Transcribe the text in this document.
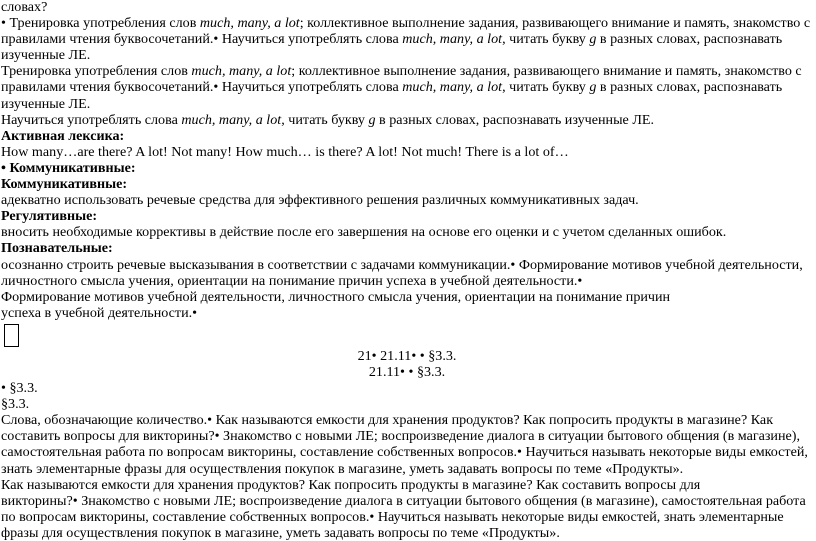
словах?

• Тренировка употребления слов much, many, a lot; коллективное выполнение задания, развивающего внимание и память, знакомство с правилами чтения буквосочетаний.• Научиться употреблять слова much, many, a lot, читать букву g в разных словах, распознавать изученные ЛЕ.

Тренировка употребления слов much, many, a lot; коллективное выполнение задания, развивающего внимание и память, знакомство с правилами чтения буквосочетаний.• Научиться употреблять слова much, many, a lot, читать букву g в разных словах, распознавать изученные ЛЕ.

Научиться употреблять слова much, many, a lot, читать букву g в разных словах, распознавать изученные ЛЕ.

Активная лексика:

How many…are there? A lot! Not many! How much… is there? A lot! Not much! There is a lot of…

• Коммуникативные:

Коммуникативные:

адекватно использовать речевые средства для эффективного решения различных коммуникативных задач.

Регулятивные:

вносить необходимые коррективы в действие после его завершения на основе его оценки и с учетом сделанных ошибок.

Познавательные:

осознанно строить речевые высказывания в соответствии с задачами коммуникации.• Формирование мотивов учебной деятельности, личностного смысла учения, ориентации на понимание причин успеха в учебной деятельности.•

Формирование мотивов учебной деятельности, личностного смысла учения, ориентации на понимание причин успеха в учебной деятельности.•

21• 21.11• • §3.3.

21.11• • §3.3.

• §3.3.

§3.3.

Слова, обозначающие количество.• Как называются емкости для хранения продуктов? Как попросить продукты в магазине? Как составить вопросы для викторины?• Знакомство с новыми ЛЕ; воспроизведение диалога в ситуации бытового общения (в магазине), самостоятельная работа по вопросам викторины, составление собственных вопросов.• Научиться называть некоторые виды емкостей, знать элементарные фразы для осуществления покупок в магазине, уметь задавать вопросы по теме «Продукты».

Как называются емкости для хранения продуктов? Как попросить продукты в магазине? Как составить вопросы для

викторины?• Знакомство с новыми ЛЕ; воспроизведение диалога в ситуации бытового общения (в магазине), самостоятельная работа по вопросам викторины, составление собственных вопросов.• Научиться называть некоторые виды емкостей, знать элементарные фразы для осуществления покупок в магазине, уметь задавать вопросы по теме «Продукты».
